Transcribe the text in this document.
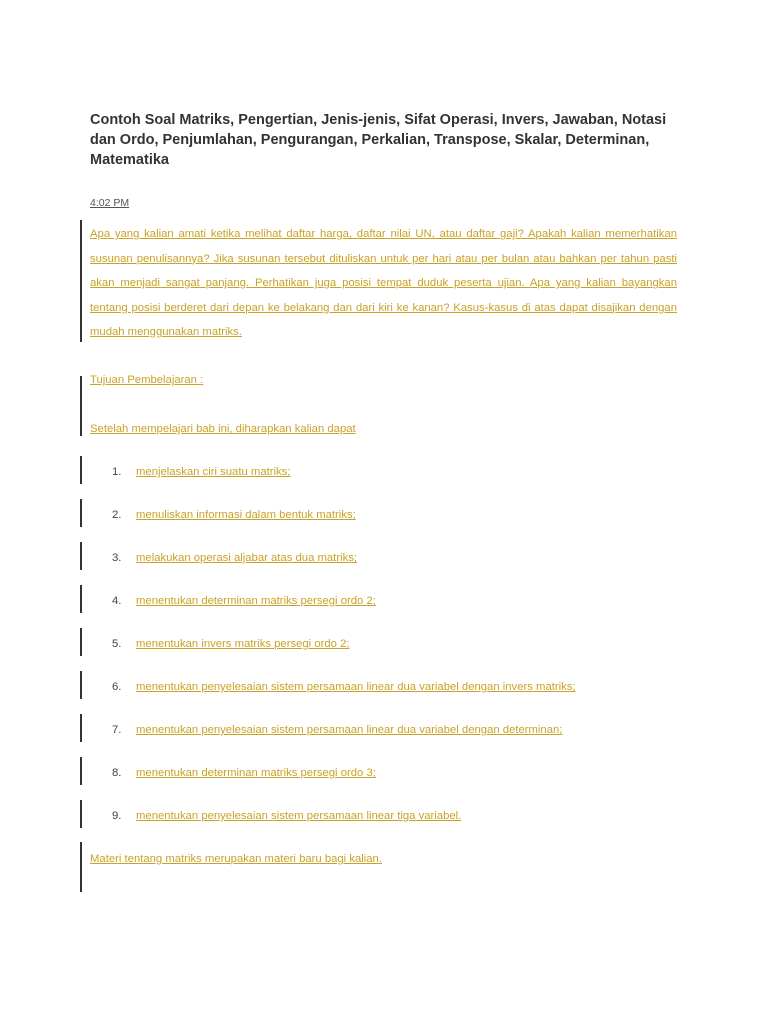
Contoh Soal Matriks, Pengertian, Jenis-jenis, Sifat Operasi, Invers, Jawaban, Notasi dan Ordo, Penjumlahan, Pengurangan, Perkalian, Transpose, Skalar, Determinan, Matematika
4:02 PM

Apa yang kalian amati ketika melihat daftar harga, daftar nilai UN, atau daftar gaji? Apakah kalian memerhatikan susunan penulisannya? Jika susunan tersebut dituliskan untuk per hari atau per bulan atau bahkan per tahun pasti akan menjadi sangat panjang. Perhatikan juga posisi tempat duduk peserta ujian. Apa yang kalian bayangkan tentang posisi berderet dari depan ke belakang dan dari kiri ke kanan? Kasus-kasus di atas dapat disajikan dengan mudah menggunakan matriks.

Tujuan Pembelajaran :

Setelah mempelajari bab ini, diharapkan kalian dapat

1. menjelaskan ciri suatu matriks;
2. menuliskan informasi dalam bentuk matriks;
3. melakukan operasi aljabar atas dua matriks;
4. menentukan determinan matriks persegi ordo 2;
5. menentukan invers matriks persegi ordo 2;
6. menentukan penyelesaian sistem persamaan linear dua variabel dengan invers matriks;
7. menentukan penyelesaian sistem persamaan linear dua variabel dengan determinan;
8. menentukan determinan matriks persegi ordo 3;
9. menentukan penyelesaian sistem persamaan linear tiga variabel.

Materi tentang matriks merupakan materi baru bagi kalian.
